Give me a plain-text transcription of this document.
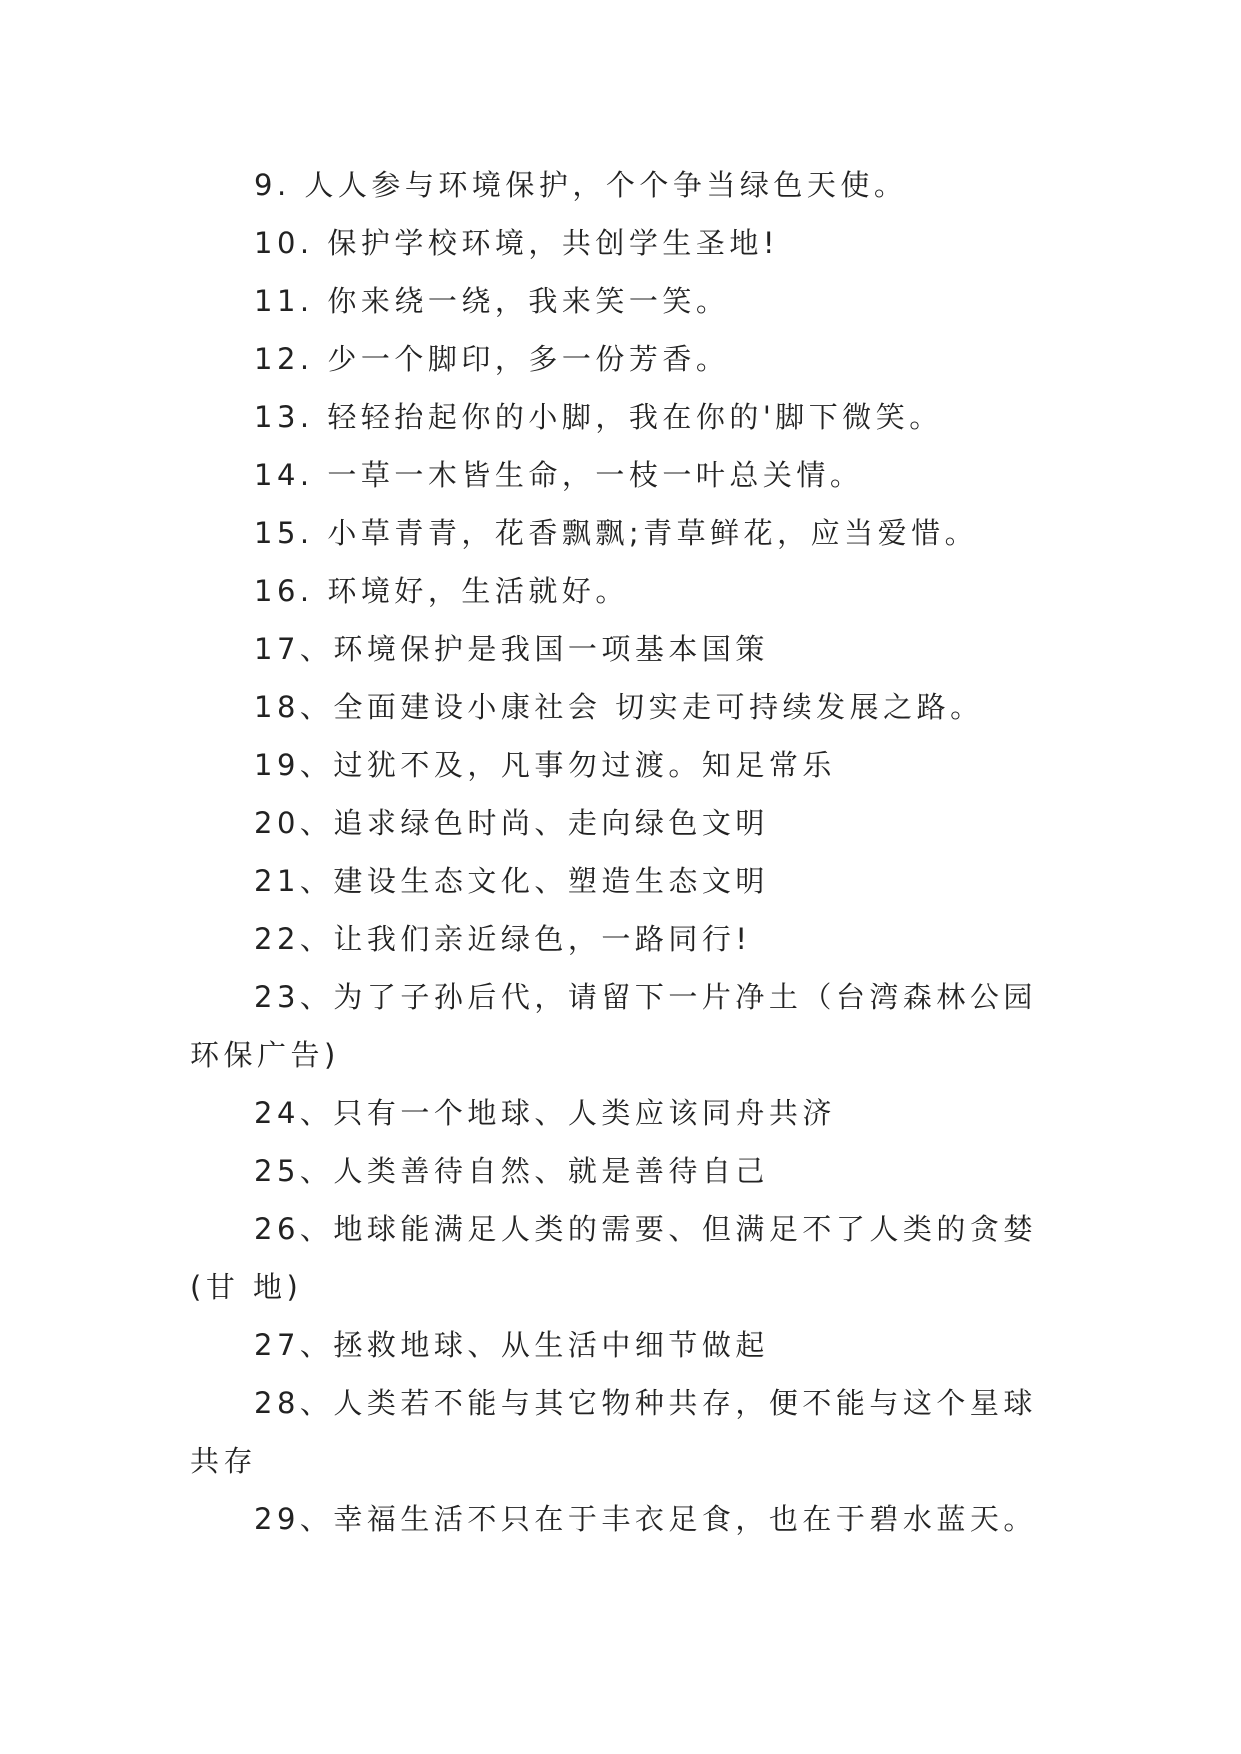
9. 人人参与环境保护，个个争当绿色天使。

10. 保护学校环境，共创学生圣地!

11. 你来绕一绕，我来笑一笑。

12. 少一个脚印，多一份芳香。

13. 轻轻抬起你的小脚，我在你的'脚下微笑。

14. 一草一木皆生命，一枝一叶总关情。

15. 小草青青，花香飘飘;青草鲜花，应当爱惜。

16. 环境好，生活就好。

17、环境保护是我国一项基本国策

18、全面建设小康社会 切实走可持续发展之路。

19、过犹不及，凡事勿过渡。知足常乐

20、追求绿色时尚、走向绿色文明

21、建设生态文化、塑造生态文明

22、让我们亲近绿色，一路同行!

23、为了子孙后代，请留下一片净土（台湾森林公园环保广告)

24、只有一个地球、人类应该同舟共济

25、人类善待自然、就是善待自己

26、地球能满足人类的需要、但满足不了人类的贪婪(甘 地)

27、拯救地球、从生活中细节做起

28、人类若不能与其它物种共存，便不能与这个星球共存

29、幸福生活不只在于丰衣足食，也在于碧水蓝天。
